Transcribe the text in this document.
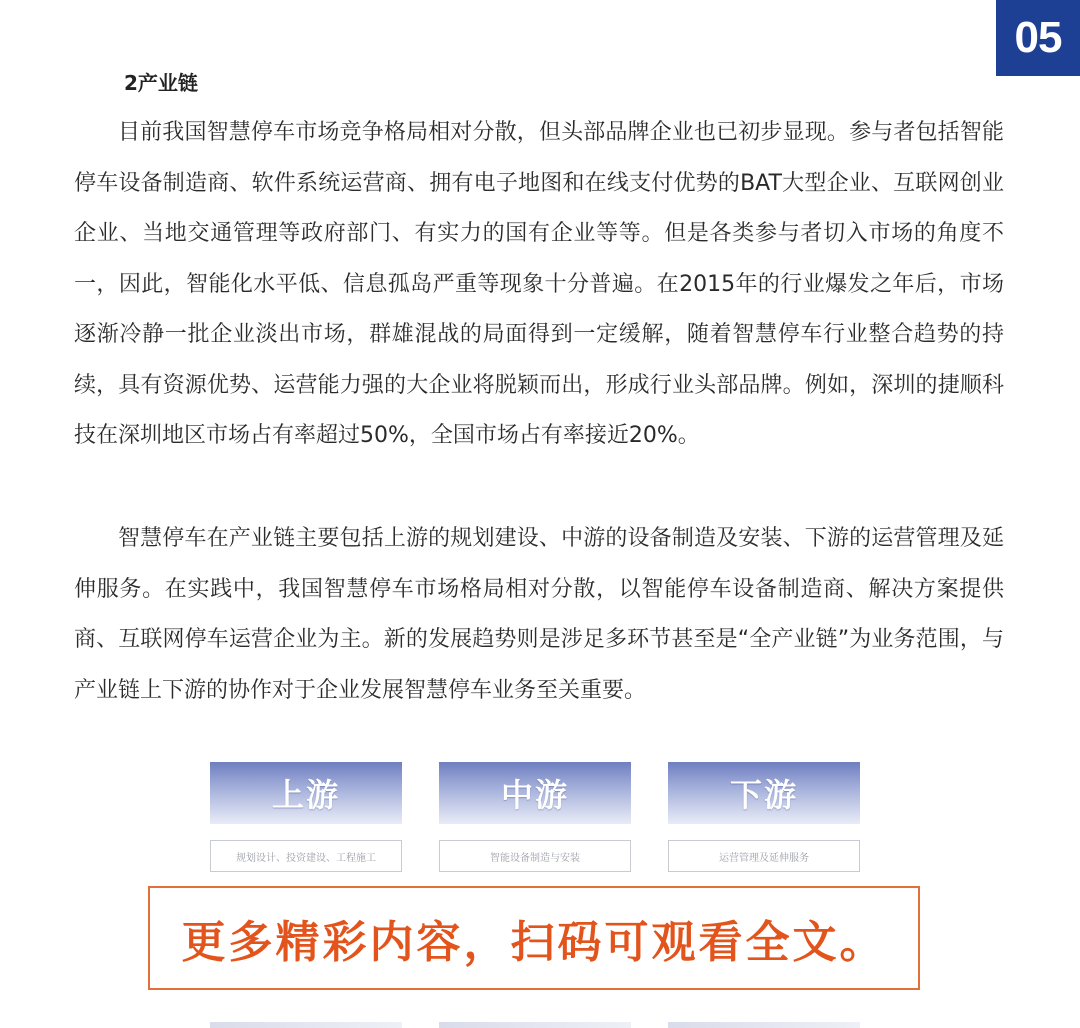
05
2产业链

目前我国智慧停车市场竞争格局相对分散，但头部品牌企业也已初步显现。参与者包括智能停车设备制造商、软件系统运营商、拥有电子地图和在线支付优势的BAT大型企业、互联网创业企业、当地交通管理等政府部门、有实力的国有企业等等。但是各类参与者切入市场的角度不一，因此，智能化水平低、信息孤岛严重等现象十分普遍。在2015年的行业爆发之年后，市场逐渐冷静一批企业淡出市场，群雄混战的局面得到一定缓解，随着智慧停车行业整合趋势的持续，具有资源优势、运营能力强的大企业将脱颖而出，形成行业头部品牌。例如，深圳的捷顺科技在深圳地区市场占有率超过50%，全国市场占有率接近20%。

智慧停车在产业链主要包括上游的规划建设、中游的设备制造及安装、下游的运营管理及延伸服务。在实践中，我国智慧停车市场格局相对分散，以智能停车设备制造商、解决方案提供商、互联网停车运营企业为主。新的发展趋势则是涉足多环节甚至是“全产业链”为业务范围，与产业链上下游的协作对于企业发展智慧停车业务至关重要。

上游
规划设计、投资建设、工程施工
中游
智能设备制造与安装
下游
运营管理及延伸服务
更多精彩内容，扫码可观看全文。
